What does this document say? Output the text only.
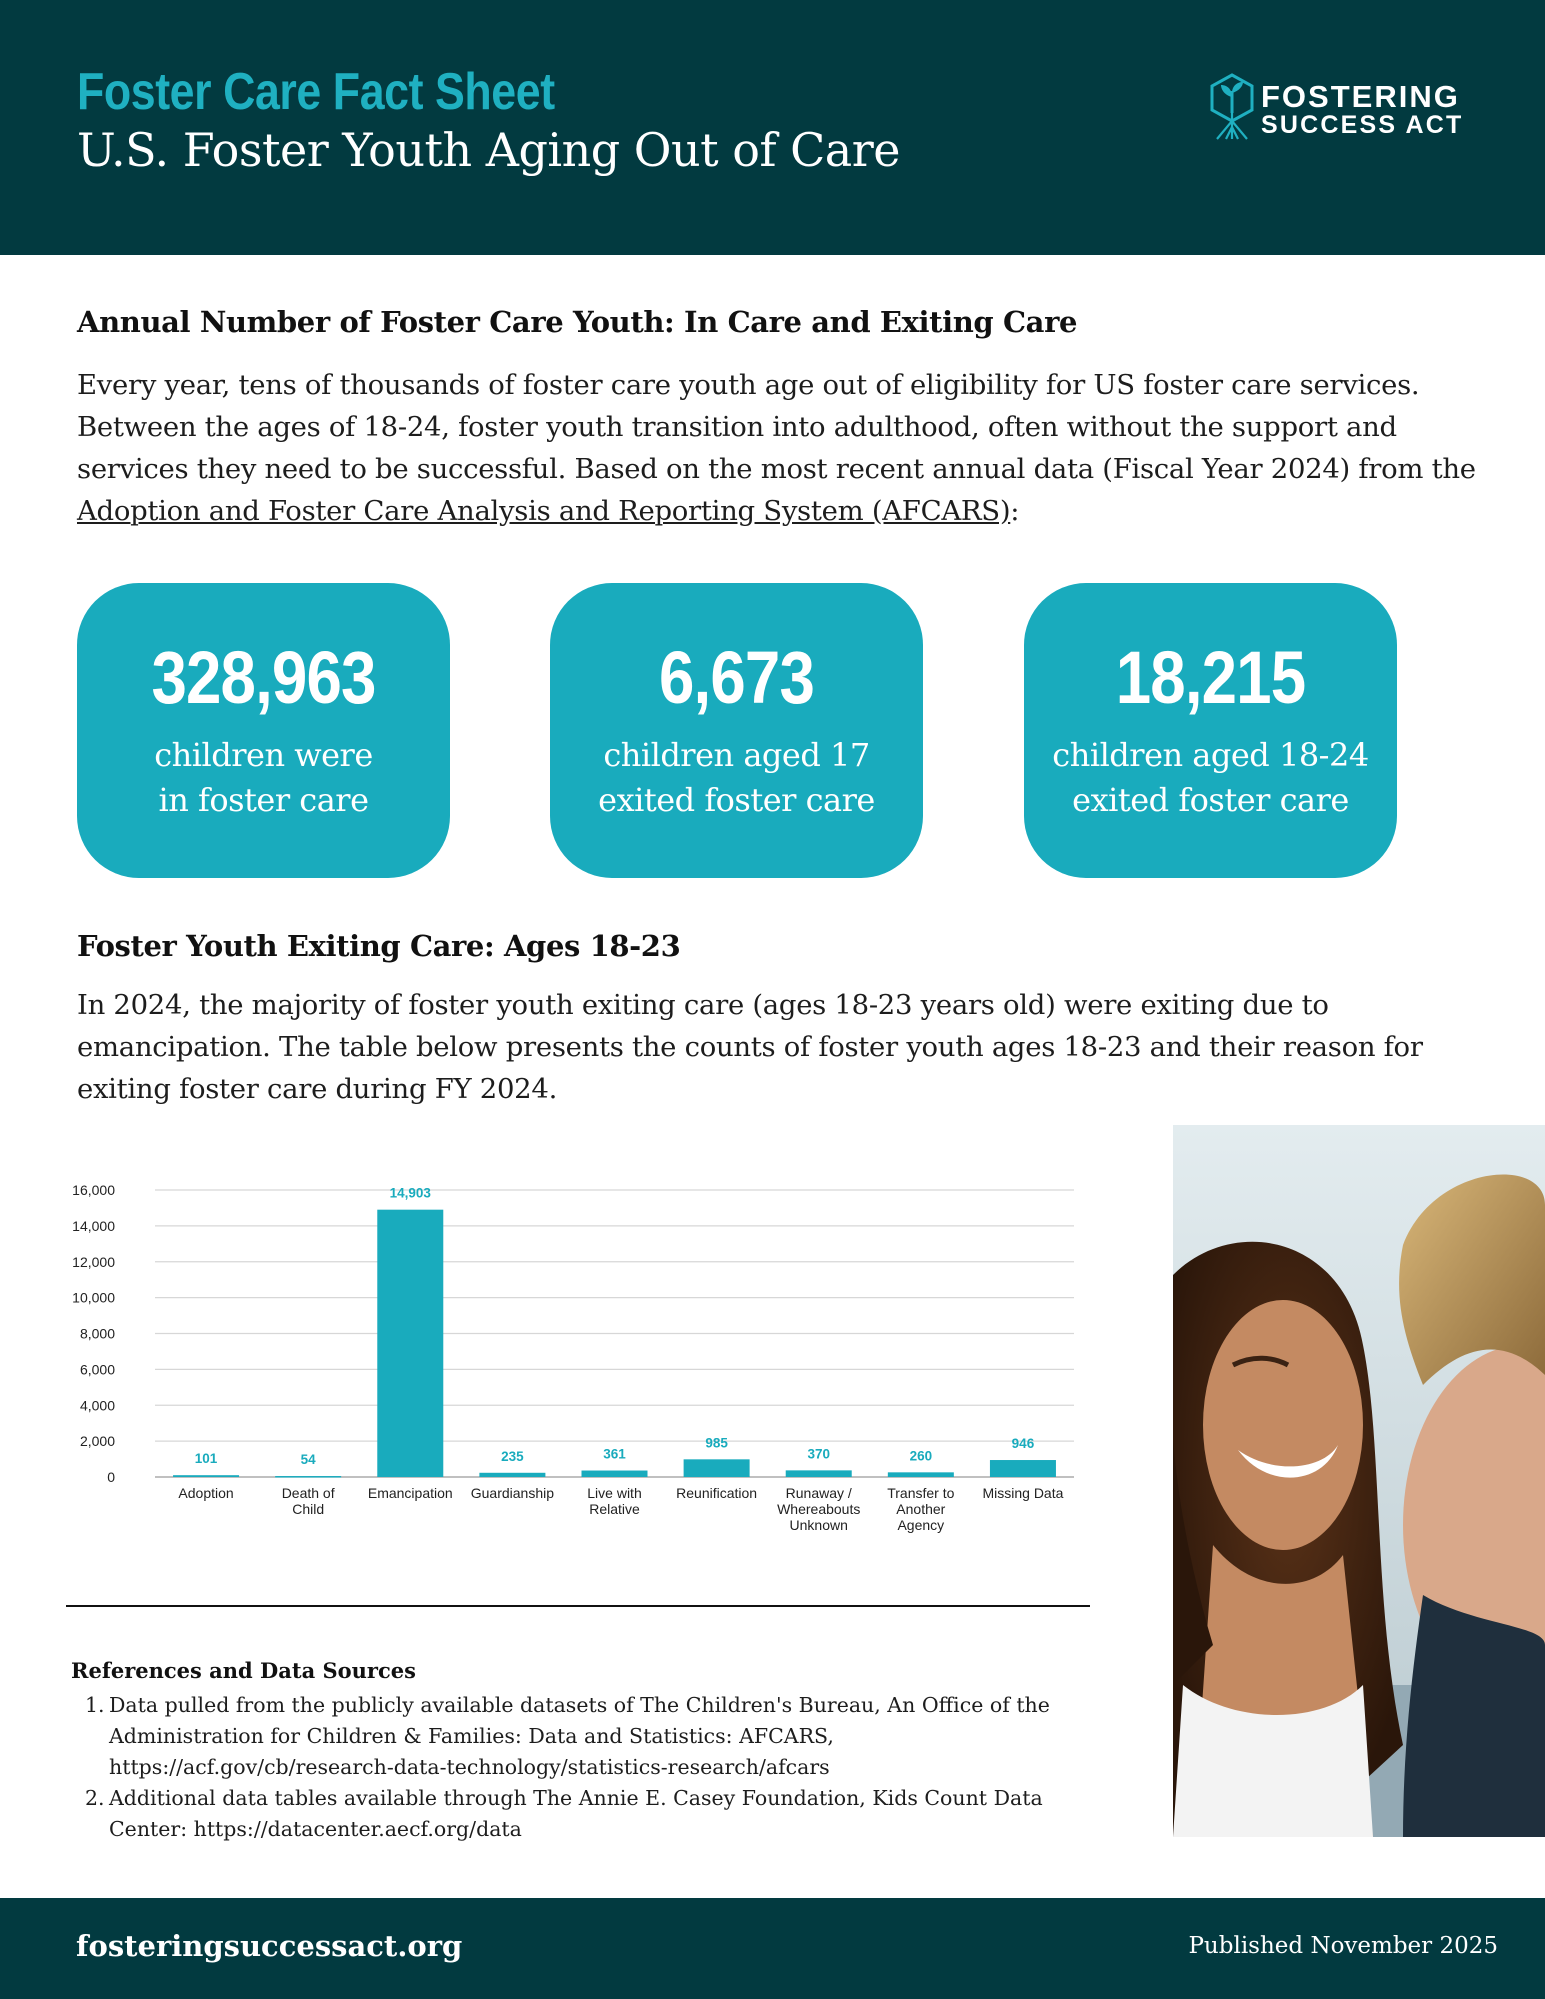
Foster Care Fact Sheet
U.S. Foster Youth Aging Out of Care
FOSTERING
SUCCESS ACT
Annual Number of Foster Care Youth: In Care and Exiting Care
Every year, tens of thousands of foster care youth age out of eligibility for US foster care services.
Between the ages of 18-24, foster youth transition into adulthood, often without the support and
services they need to be successful. Based on the most recent annual data (Fiscal Year 2024) from the
Adoption and Foster Care Analysis and Reporting System (AFCARS):
328,963
children were
in foster care
6,673
children aged 17
exited foster care
18,215
children aged 18-24
exited foster care
Foster Youth Exiting Care: Ages 18-23
In 2024, the majority of foster youth exiting care (ages 18-23 years old) were exiting due to
emancipation. The table below presents the counts of foster youth ages 18-23 and their reason for
exiting foster care during FY 2024.
0
2,000
4,000
6,000
8,000
10,000
12,000
14,000
16,000
101
Adoption
54
Death of
Child
14,903
Emancipation
235
Guardianship
361
Live with
Relative
985
Reunification
370
Runaway /
Whereabouts
Unknown
260
Transfer to
Another
Agency
946
Missing Data
References and Data Sources
1. Data pulled from the publicly available datasets of The Children's Bureau, An Office of the
Administration for Children & Families: Data and Statistics: AFCARS,
https://acf.gov/cb/research-data-technology/statistics-research/afcars
2. Additional data tables available through The Annie E. Casey Foundation, Kids Count Data
Center: https://datacenter.aecf.org/data
fosteringsuccessact.org	Published November 2025
